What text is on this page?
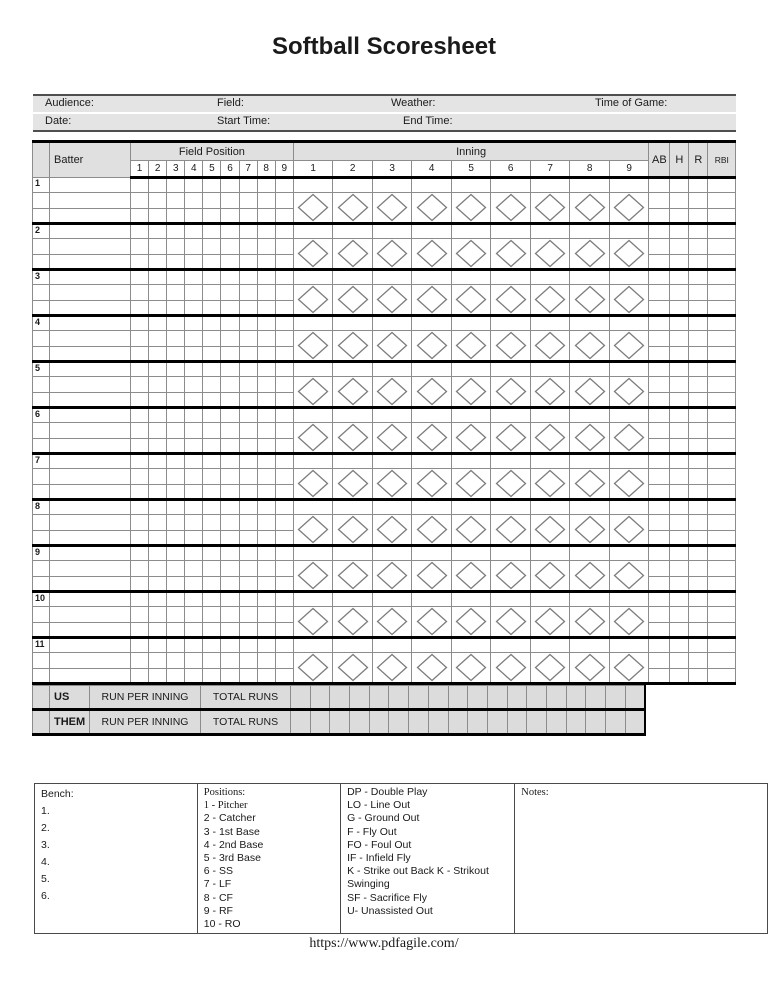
Softball Scoresheet
Audience:	Field:	Weather:	Time of Game:
Date:	Start Time:	End Time:
	Batter	Field Position									Inning									AB	H	R	RBI
		1	2	3	4	5	6	7	8	9	1	2	3	4	5	6	7	8	9				
1																							

2																							

3																							

4																							

5																							

6																							

7																							

8																							

9																							

10																							

11																							

	US	RUN PER INNING	TOTAL RUNS																		
	THEM	RUN PER INNING	TOTAL RUNS																		
Bench:
1.
2.
3.
4.
5.
6.

Positions:
1 - Pitcher
2 - Catcher
3 - 1st Base
4 - 2nd Base
5 - 3rd Base
6 - SS
7 - LF
8 - CF
9 - RF
10 - RO

DP - Double Play
LO - Line Out
G - Ground Out
F - Fly Out
FO - Foul Out
IF - Infield Fly
K - Strike out Back K - Strikout Swinging
SF - Sacrifice Fly
U- Unassisted Out

Notes:
https://www.pdfagile.com/
